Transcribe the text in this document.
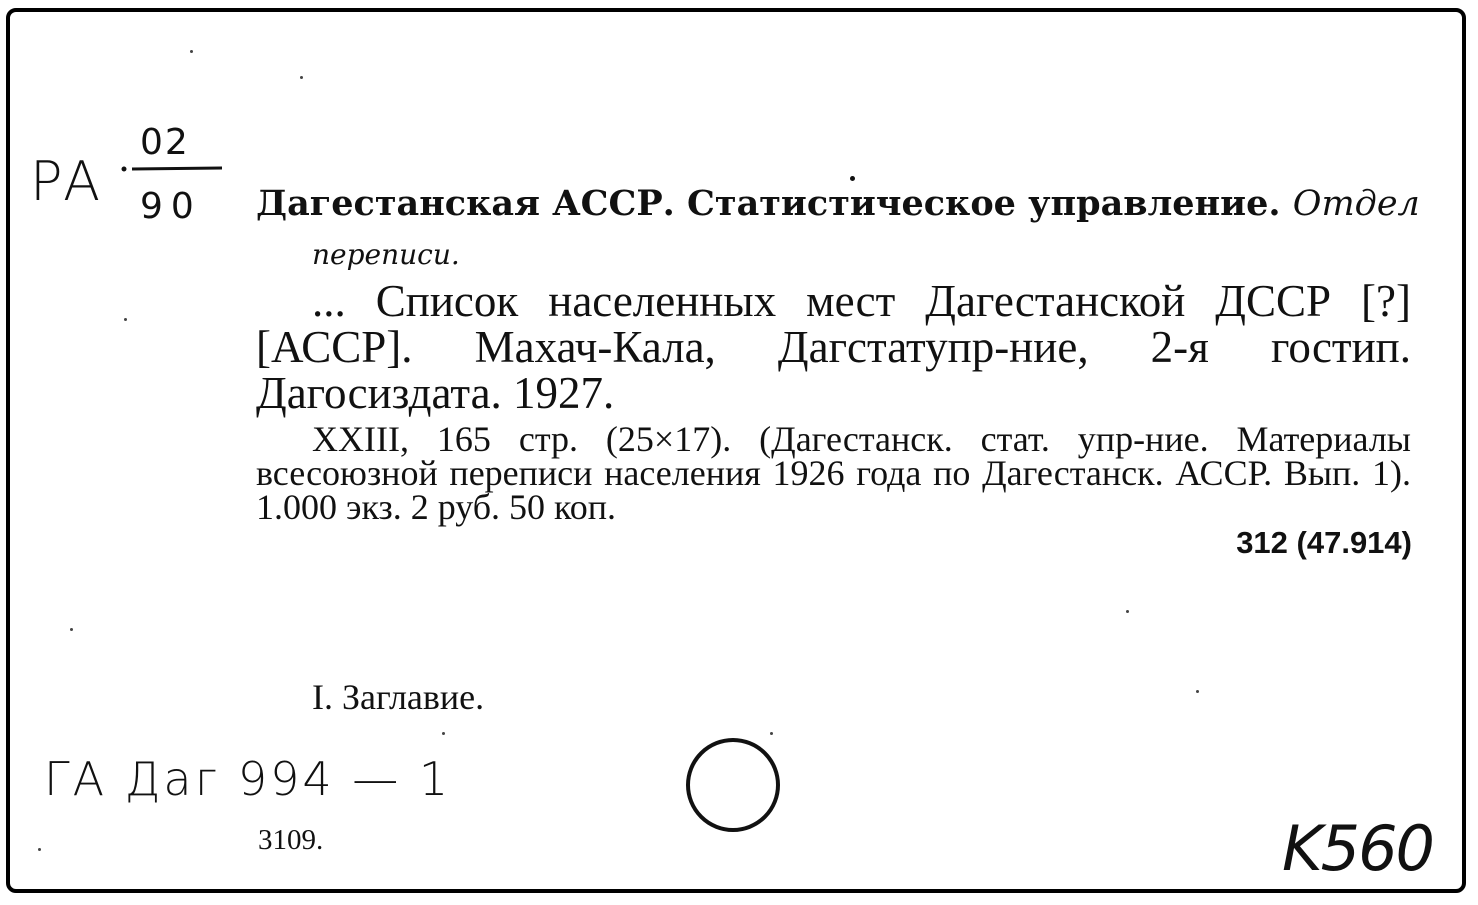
PA
02
90 Дагестанская АССР. Статистическое управление. Отдел
переписи.
... Список населенных мест Дагестанской ДССР [?] [АССР]. Махач-Кала, Дагстатупр-ние, 2-я гостип. Дагосиздата. 1927.
XXIII, 165 стр. (25×17). (Дагестанск. стат. упр-ние. Материалы всесоюзной переписи населения 1926 года по Дагестанск. АССР. Вып. 1). 1.000 экз. 2 руб. 50 коп.
312 (47.914)
I. Заглавие.
ГА Даг 994 — 1
3109.	K560
